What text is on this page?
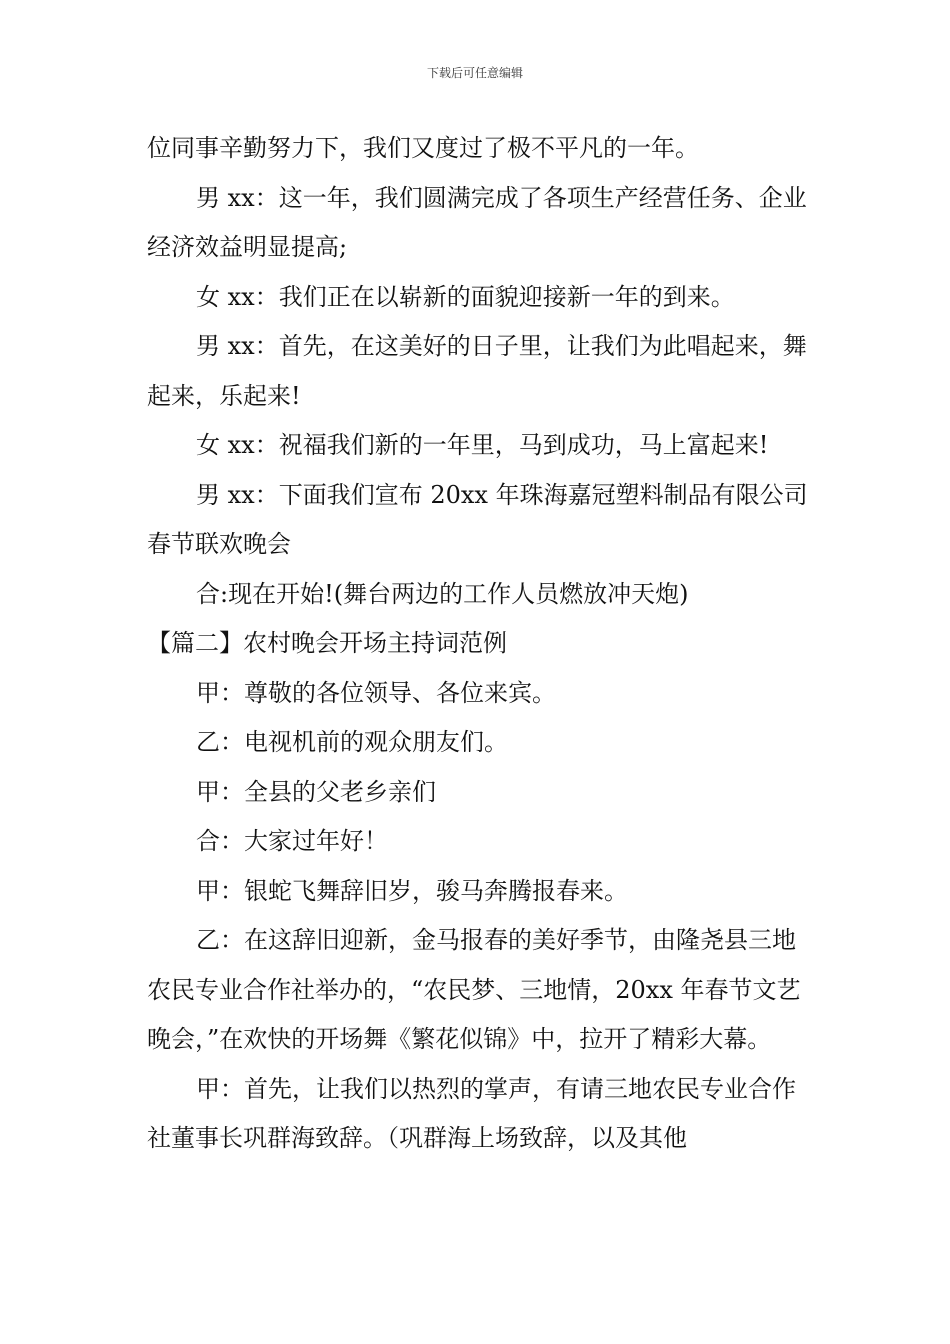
下载后可任意编辑

位同事辛勤努力下，我们又度过了极不平凡的一年。

男 xx：这一年，我们圆满完成了各项生产经营任务、企业经济效益明显提高;

女 xx：我们正在以崭新的面貌迎接新一年的到来。

男 xx：首先，在这美好的日子里，让我们为此唱起来，舞起来，乐起来!

女 xx：祝福我们新的一年里，马到成功，马上富起来!

男 xx：下面我们宣布 20xx 年珠海嘉冠塑料制品有限公司春节联欢晚会

合:现在开始!(舞台两边的工作人员燃放冲天炮)

【篇二】农村晚会开场主持词范例

甲：尊敬的各位领导、各位来宾。

乙：电视机前的观众朋友们。

甲：全县的父老乡亲们

合：大家过年好！

甲：银蛇飞舞辞旧岁，骏马奔腾报春来。

乙：在这辞旧迎新，金马报春的美好季节，由隆尧县三地农民专业合作社举办的，“农民梦、三地情，20xx 年春节文艺晚会，”在欢快的开场舞《繁花似锦》中，拉开了精彩大幕。

甲：首先，让我们以热烈的掌声，有请三地农民专业合作社董事长巩群海致辞。（巩群海上场致辞，以及其他
